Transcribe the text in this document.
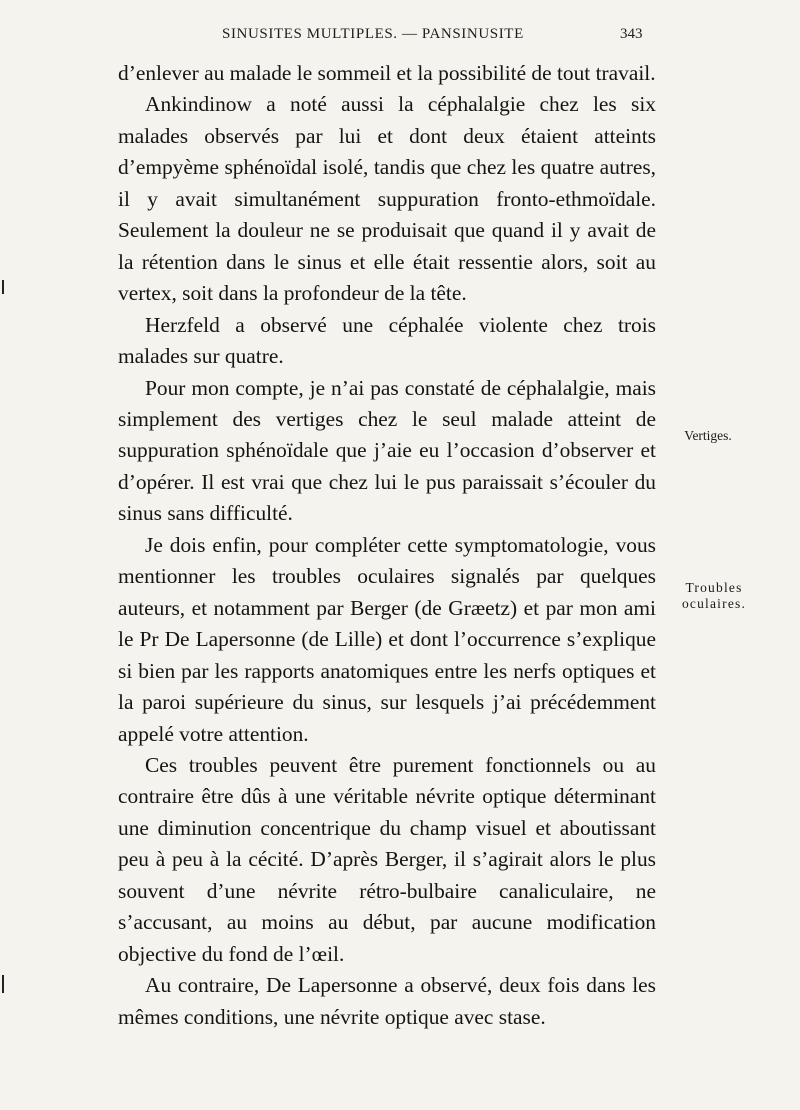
SINUSITES MULTIPLES. — PANSINUSITE	343

d’enlever au malade le sommeil et la possibilité de tout travail.

Ankindinow a noté aussi la céphalalgie chez les six malades observés par lui et dont deux étaient atteints d’empyème sphénoïdal isolé, tandis que chez les quatre autres, il y avait simultanément suppuration fronto-ethmoïdale. Seulement la douleur ne se produisait que quand il y avait de la rétention dans le sinus et elle était ressentie alors, soit au vertex, soit dans la profondeur de la tête.

Herzfeld a observé une céphalée violente chez trois malades sur quatre.

Pour mon compte, je n’ai pas constaté de céphalalgie, mais simplement des vertiges chez le seul malade atteint de suppuration sphénoïdale que j’aie eu l’occasion d’observer et d’opérer. Il est vrai que chez lui le pus paraissait s’écouler du sinus sans difficulté.

Je dois enfin, pour compléter cette symptomatologie, vous mentionner les troubles oculaires signalés par quelques auteurs, et notamment par Berger (de Græetz) et par mon ami le Pr De Lapersonne (de Lille) et dont l’occurrence s’explique si bien par les rapports anatomiques entre les nerfs optiques et la paroi supérieure du sinus, sur lesquels j’ai précédemment appelé votre attention.

Ces troubles peuvent être purement fonctionnels ou au contraire être dûs à une véritable névrite optique déterminant une diminution concentrique du champ visuel et aboutissant peu à peu à la cécité. D’après Berger, il s’agirait alors le plus souvent d’une névrite rétro-bulbaire canaliculaire, ne s’accusant, au moins au début, par aucune modification objective du fond de l’œil.

Au contraire, De Lapersonne a observé, deux fois dans les mêmes conditions, une névrite optique avec stase.

Vertiges.
Troubles
oculaires.
